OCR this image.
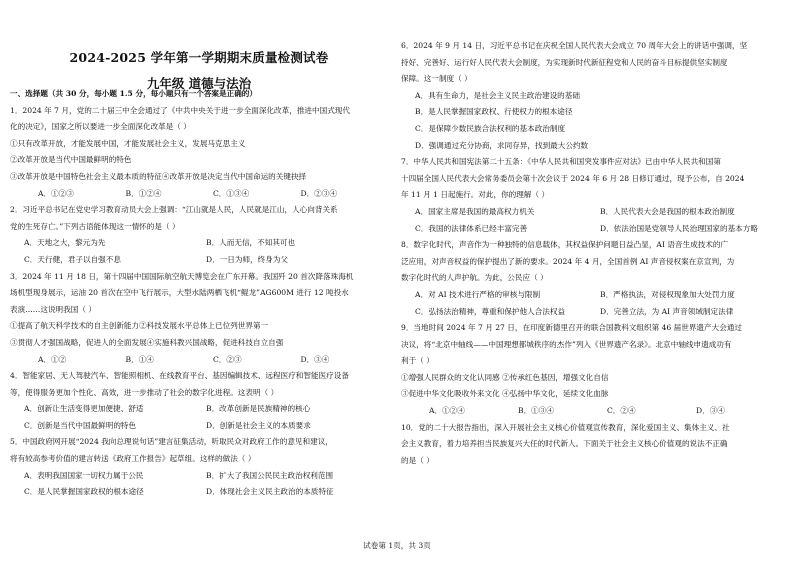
2024-2025 学年第一学期期末质量检测试卷
九年级 道德与法治

一、选择题（共 30 分，每小题 1.5 分，每小题只有一个答案是正确的）

1．2024 年 7 月，党的二十届三中全会通过了《中共中央关于进一步全面深化改革，推进中国式现代

化的决定》，国家之所以要进一步全面深化改革是（ ）

①只有改革开放，才能发展中国，才能发展社会主义，发展马克思主义

②改革开放是当代中国最鲜明的特色

③改革开放是中国特色社会主义最本质的特征④改革开放是决定当代中国命运的关键抉择

A．①②③	B．①②④	C．①③④	D．②③④

2．习近平总书记在党史学习教育动员大会上强调：“江山就是人民，人民就是江山，人心向背关系

党的生死存亡。”下列古语能体现这一情怀的是（ ）

A．天地之大，黎元为先	B．人而无信，不知其可也
C．天行健，君子以自强不息	D．一日为师，终身为父

3．2024 年 11 月 18 日，第十四届中国国际航空航天博览会在广东开幕。我国歼 20 首次降落珠海机

场机型现身展示，运油 20 首次在空中飞行展示，大型水陆两栖飞机“鲲龙”AG600M 进行 12 吨投水

表演……这说明我国（ ）

①提高了航天科学技术的自主创新能力②科技发展水平总体上已位列世界第一

③贯彻人才强国战略，促进人的全面发展④实施科教兴国战略，促进科技自立自强

A．①②	B．①④	C．②③	D．③④

4．智能家居、无人驾驶汽车、智能照相机、在线教育平台、基因编辑技术、远程医疗和智能医疗设备

等，使得服务更加个性化、高效，进一步推动了社会的数字化进程。这表明（ ）

A．创新让生活变得更加便捷、舒适	B．改革创新是民族精神的核心
C．创新是当代中国最鲜明的特色	D．创新是社会主义的本质要求

5．中国政府网开展“2024 我向总理说句话”建言征集活动，听取民众对政府工作的意见和建议，

将有较高参考价值的建言转送《政府工作报告》起草组。这样的做法（ ）

A．表明我国国家一切权力属于公民	B．扩大了我国公民民主政治权利范围
C．是人民掌握国家政权的根本途径	D．体现社会主义民主政治的本质特征

6．2024 年 9 月 14 日，习近平总书记在庆祝全国人民代表大会成立 70 周年大会上的讲话中强调，坚

持好、完善好、运行好人民代表大会制度，为实现新时代新征程党和人民的奋斗目标提供坚实制度

保障。这一制度（ ）

A．具有生命力，是社会主义民主政治建设的基础

B．是人民掌握国家政权、行使权力的根本途径

C．是保障少数民族合法权利的基本政治制度

D．强调通过充分协商，求同存异，找到最大公约数

7．中华人民共和国宪法第二十五条：《中华人民共和国突发事件应对法》已由中华人民共和国第

十四届全国人民代表大会常务委员会第十次会议于 2024 年 6 月 28 日修订通过，现予公布，自 2024

年 11 月 1 日起施行。对此，你的理解（ ）

A．国家主席是我国的最高权力机关	B．人民代表大会是我国的根本政治制度
C．我国的法律体系已经丰富完善	D．依法治国是党领导人民治理国家的基本方略

8．数字化时代，声音作为一种独特的信息载体，其权益保护问题日益凸显，AI 语音生成技术的广

泛应用，对声音权益的保护提出了新的要求。2024 年 4 月，全国首例 AI 声音侵权案在京宣判，为

数字化时代的人声护航。为此，公民应（ ）

A．对 AI 技术进行严格的审核与限制	B．严格执法，对侵权现象加大处罚力度
C．弘扬法治精神，尊重和保护他人合法权益	D．完善立法，为 AI 声音领域制定法律

9．当地时间 2024 年 7 月 27 日，在印度新德里召开的联合国教科文组织第 46 届世界遗产大会通过

决议，将“北京中轴线——中国理想都城秩序的杰作”列入《世界遗产名录》。北京中轴线申遗成功有

利于（ ）

①增强人民群众的文化认同感 ②传承红色基因，增强文化自信

③促进中华文化吸收外来文化 ④弘扬中华文化，延续文化血脉

A．①②④	B．①③④	C．②④	D．③④

10．党的二十大报告指出，深入开展社会主义核心价值观宣传教育，深化爱国主义、集体主义、社

会主义教育，着力培养担当民族复兴大任的时代新人。下面关于社会主义核心价值观的说法不正确

的是（ ）

试卷第 1页，共 3页
